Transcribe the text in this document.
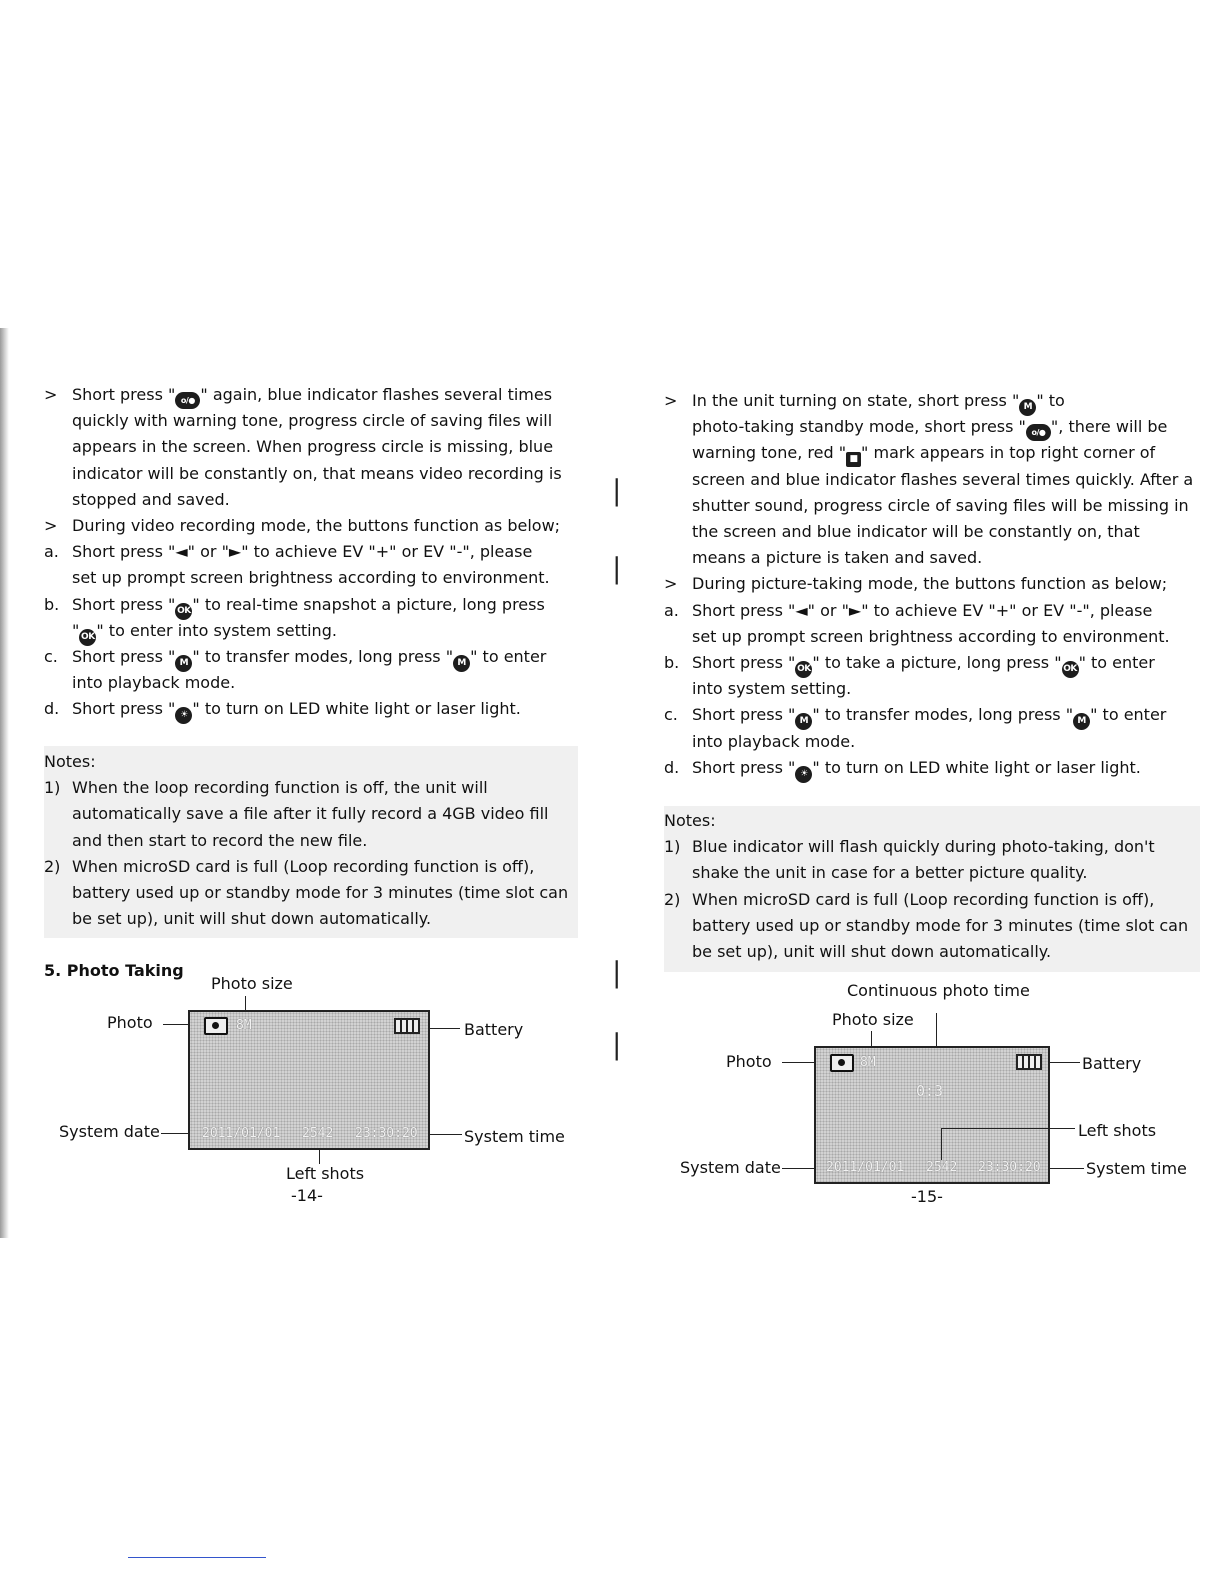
> Short press " o/● " again, blue indicator flashes several times
quickly with warning tone, progress circle of saving files will
appears in the screen. When progress circle is missing, blue
indicator will be constantly on, that means video recording is
stopped and saved.
> During video recording mode, the buttons function as below;
a. Short press "◄" or "►" to achieve EV "+" or EV "-", please
set up prompt screen brightness according to environment.
b. Short press " OK " to real-time snapshot a picture, long press
" OK " to enter into system setting.
c. Short press " M " to transfer modes, long press " M " to enter
into playback mode.
d. Short press " ☀ " to turn on LED white light or laser light.
Notes:
1) When the loop recording function is off, the unit will
automatically save a file after it fully record a 4GB video fill
and then start to record the new file.
2) When microSD card is full (Loop recording function is off),
battery used up or standby mode for 3 minutes (time slot can
be set up), unit will shut down automatically.
5. Photo Taking
Photo size
Photo	Battery
8M
2011/01/01 2542 23:30:20
System date	System time
Left shots
-14-
|
|
|
|
> In the unit turning on state, short press " M " to
photo-taking standby mode, short press " o/● ", there will be
warning tone, red " ■ " mark appears in top right corner of
screen and blue indicator flashes several times quickly. After a
shutter sound, progress circle of saving files will be missing in
the screen and blue indicator will be constantly on, that
means a picture is taken and saved.
> During picture-taking mode, the buttons function as below;
a. Short press "◄" or "►" to achieve EV "+" or EV "-", please
set up prompt screen brightness according to environment.
b. Short press " OK " to take a picture, long press " OK " to enter
into system setting.
c. Short press " M " to transfer modes, long press " M " to enter
into playback mode.
d. Short press " ☀ " to turn on LED white light or laser light.
Notes:
1) Blue indicator will flash quickly during photo-taking, don't
shake the unit in case for a better picture quality.
2) When microSD card is full (Loop recording function is off),
battery used up or standby mode for 3 minutes (time slot can
be set up), unit will shut down automatically.
Continuous photo time
Photo size
Photo	Battery
8M
0:3
2011/01/01 2542 23:30:20
Left shots
System date	System time
-15-
